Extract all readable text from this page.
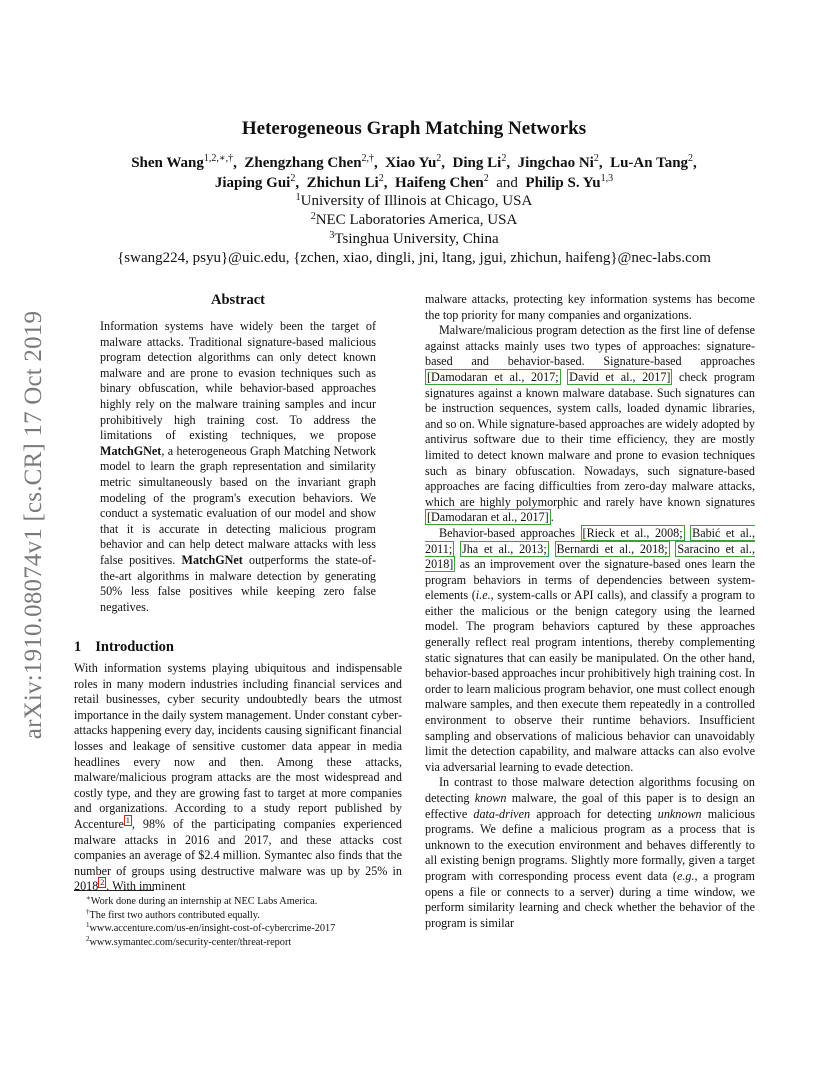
arXiv:1910.08074v1 [cs.CR] 17 Oct 2019
Heterogeneous Graph Matching Networks
Shen Wang$^{1,2,∗,\dagger}$,  Zhengzhang Chen$^{2,\dagger}$,  Xiao Yu$^2$,  Ding Li$^2$,  Jingchao Ni$^2$,  Lu-An Tang$^2$,
Jiaping Gui$^2$,  Zhichun Li$^2$,  Haifeng Chen$^2$ and Philip S. Yu$^{1,3}$
$^1$University of Illinois at Chicago, USA
$^2$NEC Laboratories America, USA
$^3$Tsinghua University, China
{swang224, psyu}@uic.edu, {zchen, xiao, dingli, jni, ltang, jgui, zhichun, haifeng}@nec-labs.com
Abstract

Information systems have widely been the target of malware attacks. Traditional signature-based malicious program detection algorithms can only detect known malware and are prone to evasion techniques such as binary obfuscation, while behavior-based approaches highly rely on the malware training samples and incur prohibitively high training cost. To address the limitations of existing techniques, we propose MatchGNet, a heterogeneous Graph Matching Network model to learn the graph representation and similarity metric simultaneously based on the invariant graph modeling of the program's execution behaviors. We conduct a systematic evaluation of our model and show that it is accurate in detecting malicious program behavior and can help detect malware attacks with less false positives. MatchGNet outperforms the state-of-the-art algorithms in malware detection by generating 50% less false positives while keeping zero false negatives.

1 Introduction

With information systems playing ubiquitous and indispensable roles in many modern industries including financial services and retail businesses, cyber security undoubtedly bears the utmost importance in the daily system management. Under constant cyber-attacks happening every day, incidents causing significant financial losses and leakage of sensitive customer data appear in media headlines every now and then. Among these attacks, malware/malicious program attacks are the most widespread and costly type, and they are growing fast to target at more companies and organizations. According to a study report published by Accenture $^1$ , 98% of the participating companies experienced malware attacks in 2016 and 2017, and these attacks cost companies an average of $2.4 million. Symantec also finds that the number of groups using destructive malware was up by 25% in 2018 $^2$ . With imminent

∗Work done during an internship at NEC Labs America.
†The first two authors contributed equally.
$^1$www.accenture.com/us-en/insight-cost-of-cybercrime-2017
$^2$www.symantec.com/security-center/threat-report

malware attacks, protecting key information systems has become the top priority for many companies and organizations.

Malware/malicious program detection as the first line of defense against attacks mainly uses two types of approaches: signature-based and behavior-based. Signature-based approaches [Damodaran et al., 2017; David et al., 2017] check program signatures against a known malware database. Such signatures can be instruction sequences, system calls, loaded dynamic libraries, and so on. While signature-based approaches are widely adopted by antivirus software due to their time efficiency, they are mostly limited to detect known malware and prone to evasion techniques such as binary obfuscation. Nowadays, such signature-based approaches are facing difficulties from zero-day malware attacks, which are highly polymorphic and rarely have known signatures [Damodaran et al., 2017] .

Behavior-based approaches [Rieck et al., 2008; Babić et al., 2011; Jha et al., 2013; Bernardi et al., 2018; Saracino et al., 2018] as an improvement over the signature-based ones learn the program behaviors in terms of dependencies between system-elements (i.e., system-calls or API calls), and classify a program to either the malicious or the benign category using the learned model. The program behaviors captured by these approaches generally reflect real program intentions, thereby complementing static signatures that can easily be manipulated. On the other hand, behavior-based approaches incur prohibitively high training cost. In order to learn malicious program behavior, one must collect enough malware samples, and then execute them repeatedly in a controlled environment to observe their runtime behaviors. Insufficient sampling and observations of malicious behavior can unavoidably limit the detection capability, and malware attacks can also evolve via adversarial learning to evade detection.

In contrast to those malware detection algorithms focusing on detecting known malware, the goal of this paper is to design an effective data-driven approach for detecting unknown malicious programs. We define a malicious program as a process that is unknown to the execution environment and behaves differently to all existing benign programs. Slightly more formally, given a target program with corresponding process event data (e.g., a program opens a file or connects to a server) during a time window, we perform similarity learning and check whether the behavior of the program is similar
